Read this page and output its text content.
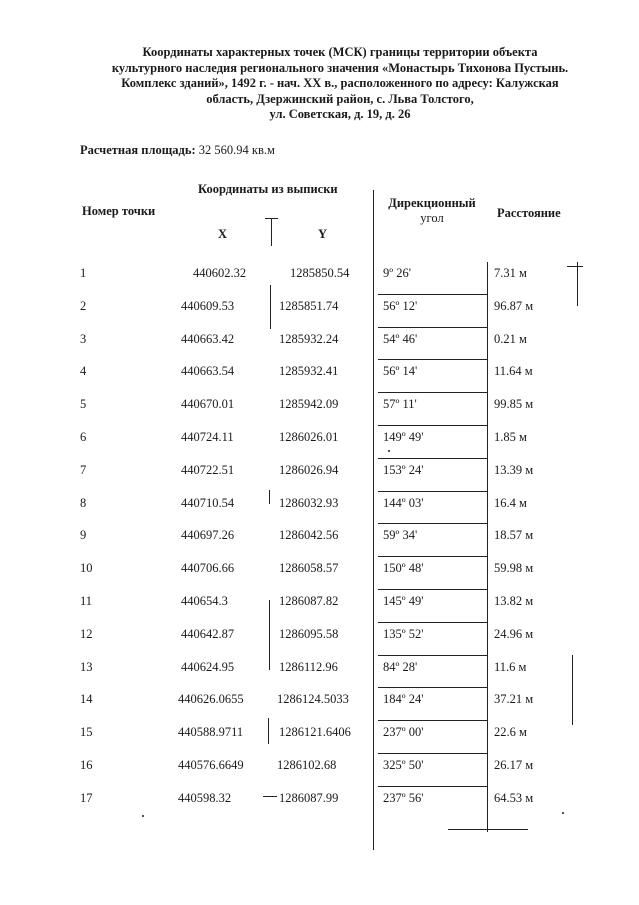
Координаты характерных точек (МСК) границы территории объекта
культурного наследия регионального значения «Монастырь Тихонова Пустынь.
Комплекс зданий», 1492 г. - нач. XX в., расположенного по адресу: Калужская
область, Дзержинский район, с. Льва Толстого,
ул. Советская, д. 19, д. 26
Расчетная площадь: 32 560.94 кв.м
Номер точки
Координаты из выписки
X	Y
Дирекционный
угол	Расстояние
1	440602.32	1285850.54	9º 26'	7.31 м
2	440609.53	1285851.74	56º 12'	96.87 м
3	440663.42	1285932.24	54º 46'	0.21 м
4	440663.54	1285932.41	56º 14'	11.64 м
5	440670.01	1285942.09	57º 11'	99.85 м
6	440724.11	1286026.01	149º 49'	1.85 м
7	440722.51	1286026.94	153º 24'	13.39 м
8	440710.54	1286032.93	144º 03'	16.4 м
9	440697.26	1286042.56	59º 34'	18.57 м
10	440706.66	1286058.57	150º 48'	59.98 м
11	440654.3	1286087.82	145º 49'	13.82 м
12	440642.87	1286095.58	135º 52'	24.96 м
13	440624.95	1286112.96	84º 28'	11.6 м
14	440626.0655	1286124.5033	184º 24'	37.21 м
15	440588.9711	1286121.6406	237º 00'	22.6 м
16	440576.6649	1286102.68	325º 50'	26.17 м
17	440598.32	1286087.99	237º 56'	64.53 м
